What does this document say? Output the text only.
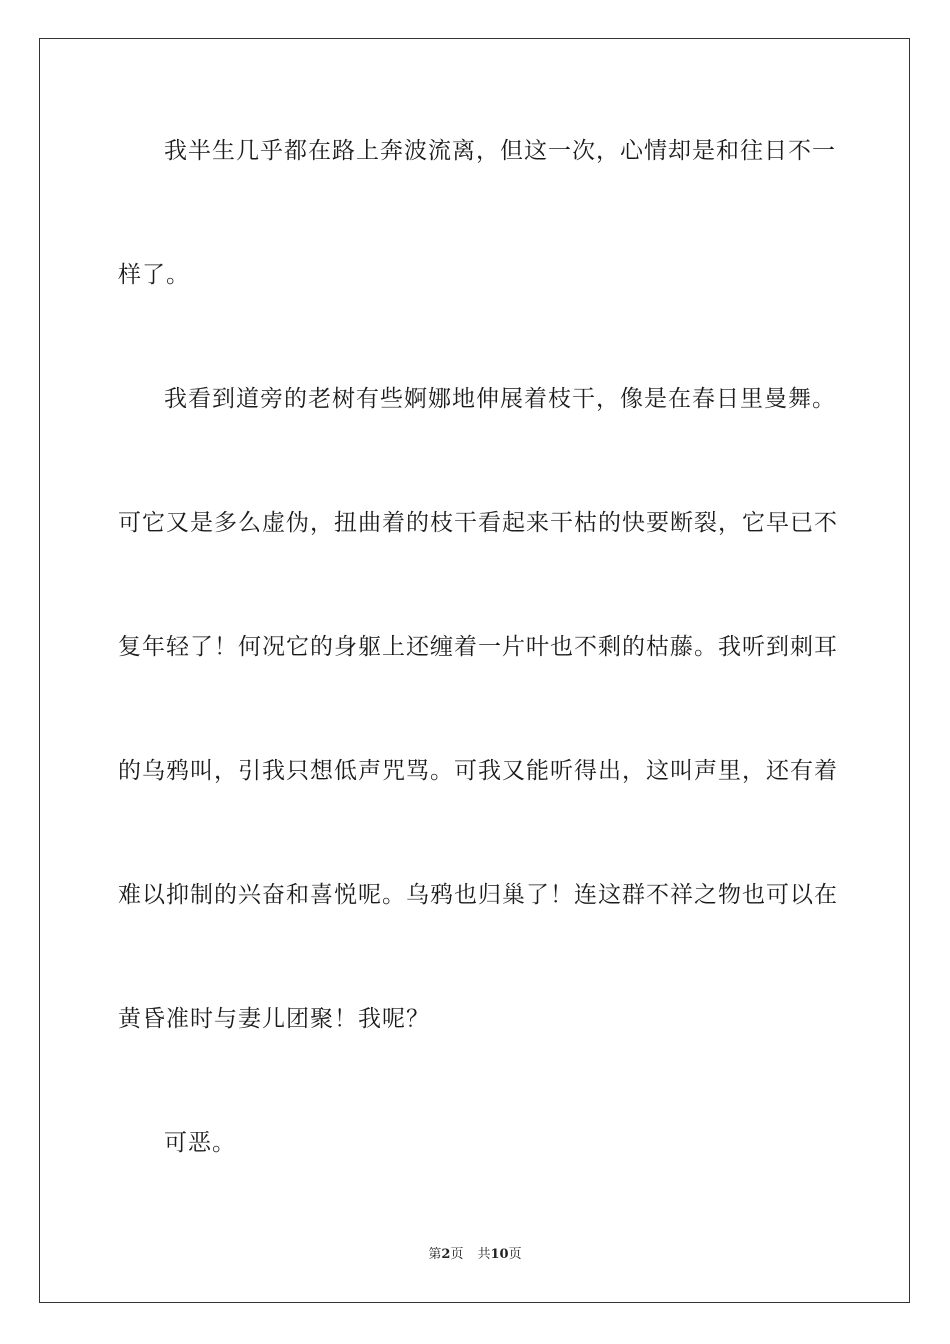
我半生几乎都在路上奔波流离，但这一次，心情却是和往日不一
样了。
我看到道旁的老树有些婀娜地伸展着枝干，像是在春日里曼舞。
可它又是多么虚伪，扭曲着的枝干看起来干枯的快要断裂，它早已不
复年轻了！何况它的身躯上还缠着一片叶也不剩的枯藤。我听到刺耳
的乌鸦叫，引我只想低声咒骂。可我又能听得出，这叫声里，还有着
难以抑制的兴奋和喜悦呢。乌鸦也归巢了！连这群不祥之物也可以在
黄昏准时与妻儿团聚！我呢？
可恶。
第2页 共10页
